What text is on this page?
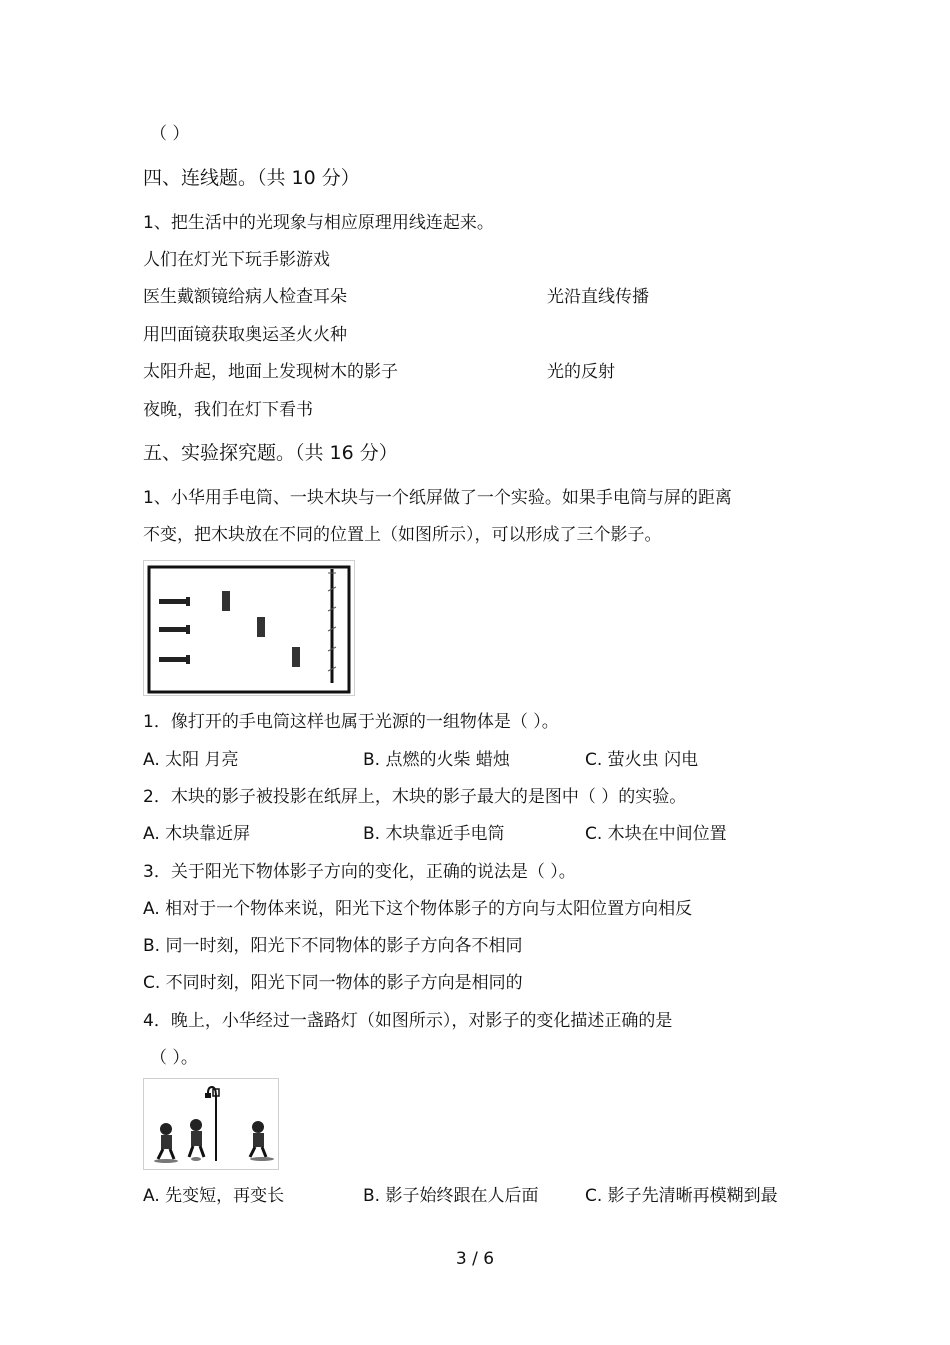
（ ）
四、连线题。（共 10 分）
1、把生活中的光现象与相应原理用线连起来。
人们在灯光下玩手影游戏
医生戴额镜给病人检查耳朵	光沿直线传播
用凹面镜获取奥运圣火火种
太阳升起，地面上发现树木的影子	光的反射
夜晚，我们在灯下看书
五、实验探究题。（共 16 分）
1、小华用手电筒、一块木块与一个纸屏做了一个实验。如果手电筒与屏的距离
不变，把木块放在不同的位置上（如图所示），可以形成了三个影子。
1．像打开的手电筒这样也属于光源的一组物体是（ ）。
A. 太阳 月亮	B. 点燃的火柴 蜡烛	C. 萤火虫 闪电
2．木块的影子被投影在纸屏上，木块的影子最大的是图中（ ）的实验。
A. 木块靠近屏	B. 木块靠近手电筒	C. 木块在中间位置
3．关于阳光下物体影子方向的变化，正确的说法是（ ）。
A. 相对于一个物体来说，阳光下这个物体影子的方向与太阳位置方向相反
B. 同一时刻，阳光下不同物体的影子方向各不相同
C. 不同时刻，阳光下同一物体的影子方向是相同的
4．晚上，小华经过一盏路灯（如图所示），对影子的变化描述正确的是
（ ）。
A. 先变短，再变长	B. 影子始终跟在人后面	C. 影子先清晰再模糊到最
3 / 6
